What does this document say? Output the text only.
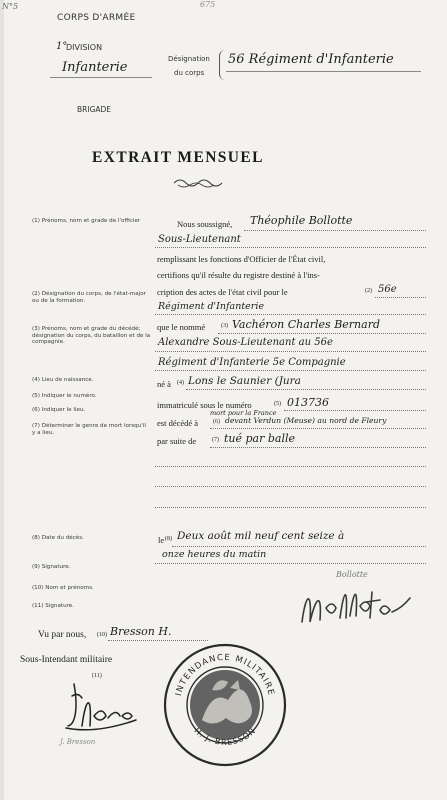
N°5	675
CORPS D'ARMÉE
1°
DIVISION
Infanterie
BRIGADE
Désignation
du corps
56 Régiment d'Infanterie
EXTRAIT MENSUEL
(1) Prénoms, nom et grade de l'officier
(2) Désignation du corps, de l'état-major ou de la formation.
(3) Prénoms, nom et grade du décédé; désignation du corps, du bataillon et de la compagnie.
(4) Lieu de naissance.
(5) Indiquer le numéro.
(6) Indiquer le lieu.
(7) Déterminer le genre de mort lorsqu'il y a lieu.
(8) Date du décès.
(9) Signature.
(10) Nom et prénoms.
(11) Signature.
Nous soussigné, Théophile Bollotte
Sous-Lieutenant
remplissant les fonctions d'Officier de l'État civil,
certifions qu'il résulte du registre destiné à l'ins-
cription des actes de l'état civil pour le	(2) 56e
Régiment d'Infanterie
que le nommé	(3) Vachéron Charles Bernard
Alexandre Sous-Lieutenant au 56e
Régiment d'Infanterie 5e Compagnie
né à (4) Lons le Saunier (Jura
immatriculé sous le numéro	(5) 013736
mort pour la France
est décédé à (6) devant Verdun (Meuse) au nord de Fleury
par suite de	(7) tué par balle
le (8) Deux août mil neuf cent seize à
onze heures du matin
Bollotte
Vu par nous, (10) Bresson H.
Sous-Intendant militaire
(11)
J. Bresson
INTENDANCE MILITAIRE
H. J. BRESSON
